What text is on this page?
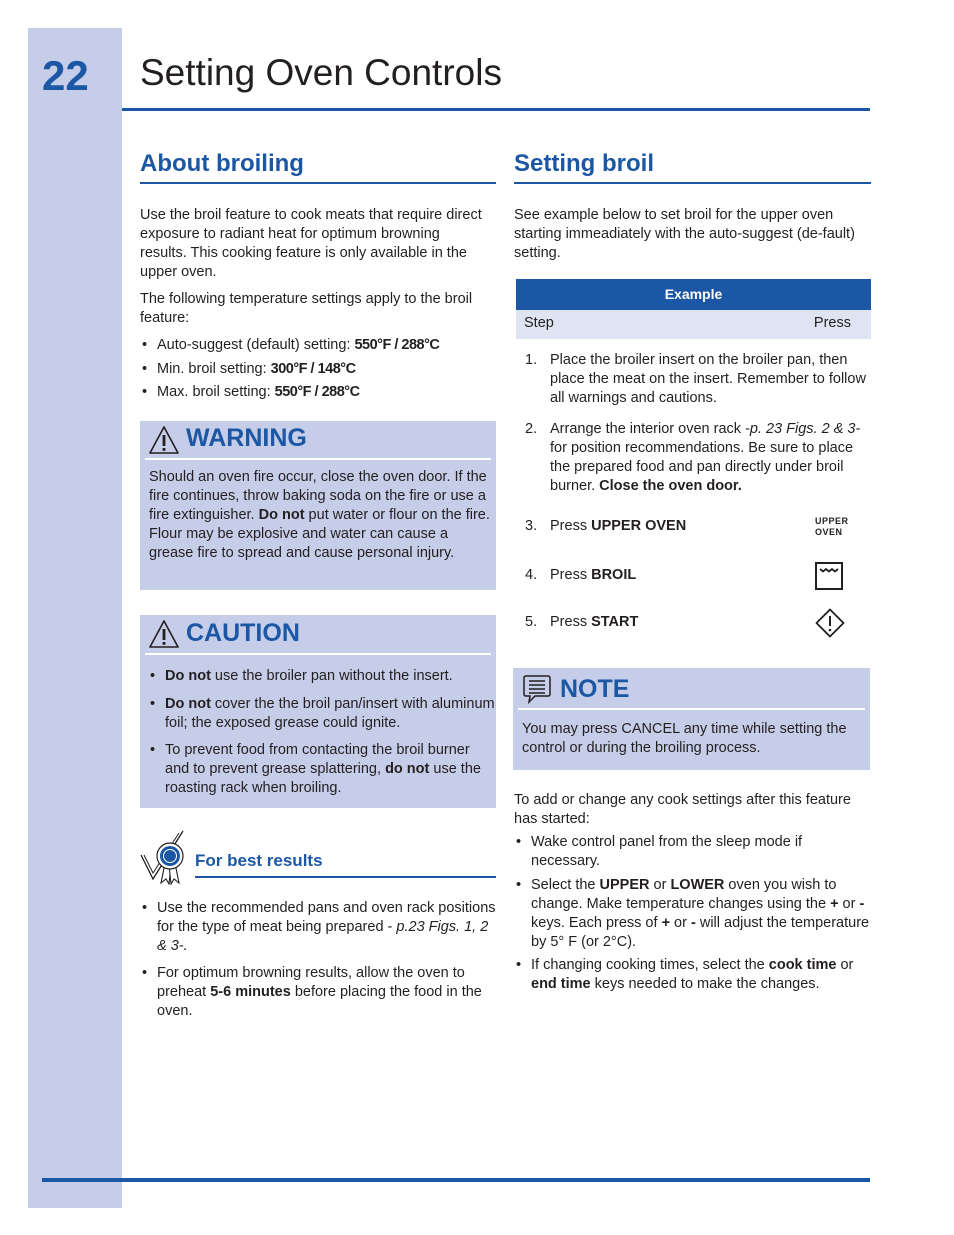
22 Setting Oven Controls
About broiling

Use the broil feature to cook meats that require direct exposure to radiant heat for optimum browning results. This cooking feature is only available in the upper oven.

The following temperature settings apply to the broil feature:

• Auto-suggest (default) setting: 550°F / 288°C
• Min. broil setting: 300°F / 148°C
• Max. broil setting: 550°F / 288°C
WARNING

Should an oven fire occur, close the oven door. If the fire continues, throw baking soda on the fire or use a fire extinguisher. Do not put water or flour on the fire. Flour may be explosive and water can cause a grease fire to spread and cause personal injury.

CAUTION
• Do not use the broiler pan without the insert.
• Do not cover the the broil pan/insert with aluminum foil; the exposed grease could ignite.
• To prevent food from contacting the broil burner and to prevent grease splattering, do not use the roasting rack when broiling.
For best results
• Use the recommended pans and oven rack positions for the type of meat being prepared - p.23 Figs. 1, 2 & 3-.
• For optimum browning results, allow the oven to preheat 5-6 minutes before placing the food in the oven.
Setting broil

See example below to set broil for the upper oven starting immeadiately with the auto-suggest (de-fault) setting.

Example
Step	Press
1. Place the broiler insert on the broiler pan, then place the meat on the insert. Remember to follow all warnings and cautions.

2. Arrange the interior oven rack -p. 23 Figs. 2 & 3- for position recommendations. Be sure to place the prepared food and pan directly under broil burner. Close the oven door.

3. Press UPPER OVEN	UPPER
OVEN
4. Press BROIL

5. Press START

NOTE

You may press CANCEL any time while setting the control or during the broiling process.

To add or change any cook settings after this feature has started:

• Wake control panel from the sleep mode if necessary.
• Select the UPPER or LOWER oven you wish to change. Make temperature changes using the + or - keys. Each press of + or - will adjust the temperature by 5° F (or 2°C).
• If changing cooking times, select the cook time or end time keys needed to make the changes.
